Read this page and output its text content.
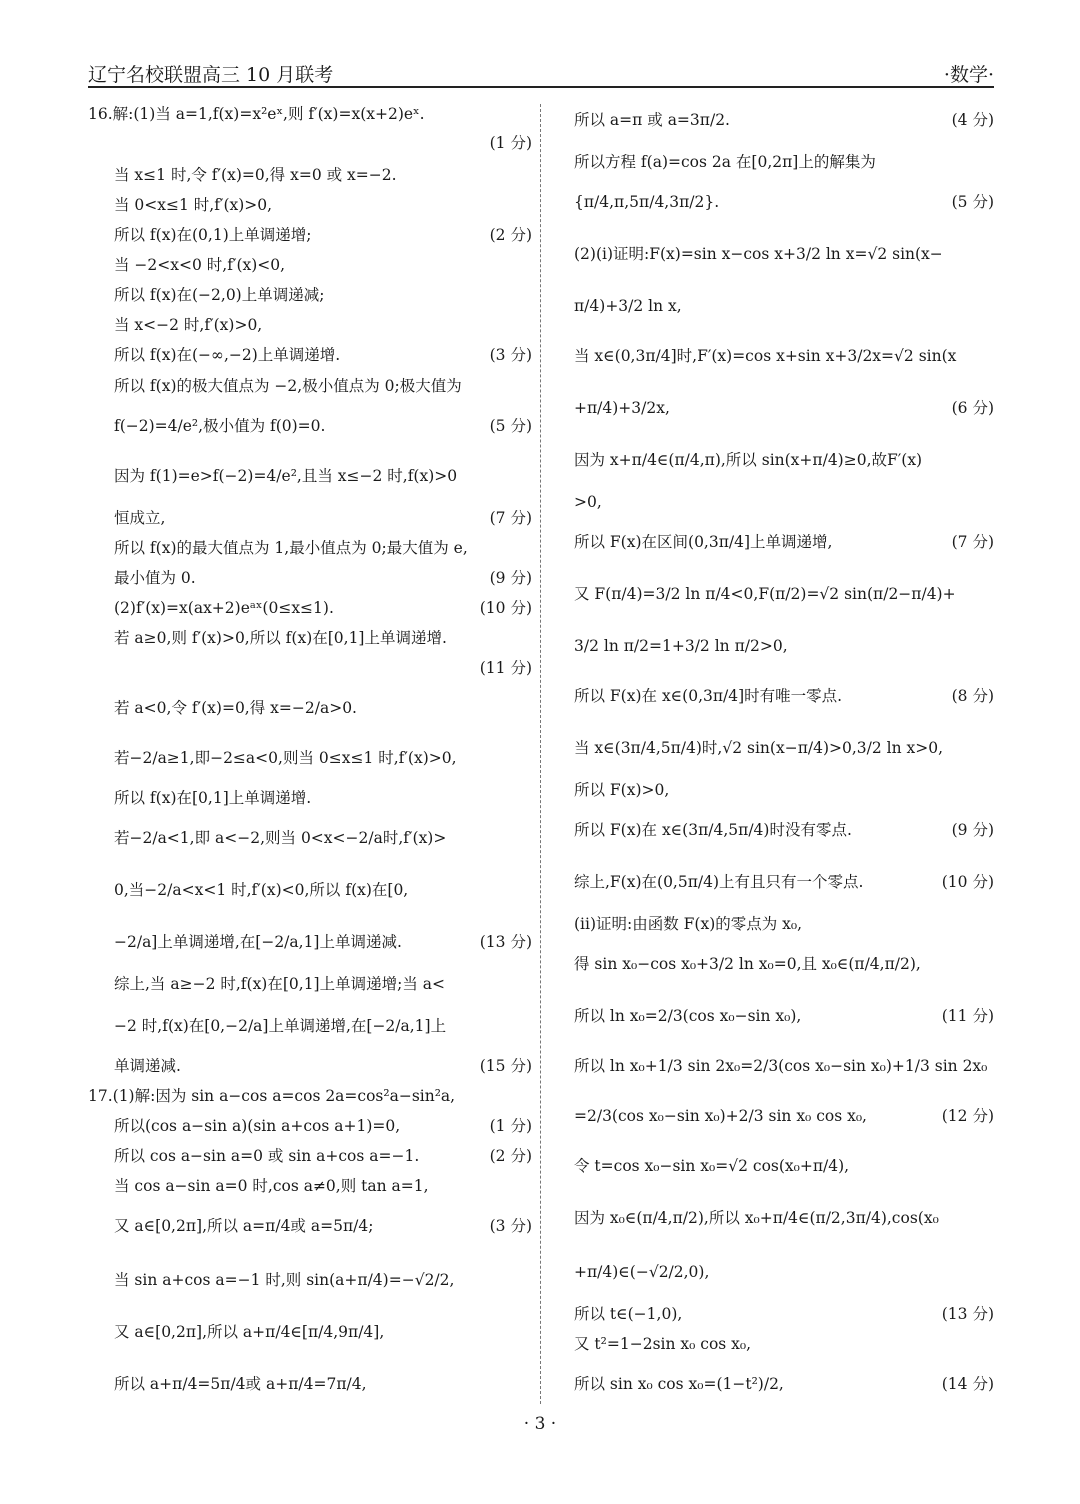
辽宁名校联盟高三 10 月联考	·数学·
16.解:(1)当 a=1,f(x)=x²eˣ,则 f′(x)=x(x+2)eˣ.
(1 分)
当 x≤1 时,令 f′(x)=0,得 x=0 或 x=−2.
当 0<x≤1 时,f′(x)>0,
所以 f(x)在(0,1)上单调递增;	(2 分)
当 −2<x<0 时,f′(x)<0,
所以 f(x)在(−2,0)上单调递减;
当 x<−2 时,f′(x)>0,
所以 f(x)在(−∞,−2)上单调递增.	(3 分)
所以 f(x)的极大值点为 −2,极小值点为 0;极大值为
f(−2)=4/e²,极小值为 f(0)=0.	(5 分)
因为 f(1)=e>f(−2)=4/e²,且当 x≤−2 时,f(x)>0
恒成立,	(7 分)
所以 f(x)的最大值点为 1,最小值点为 0;最大值为 e,
最小值为 0.	(9 分)
(2)f′(x)=x(ax+2)eᵃˣ(0≤x≤1).	(10 分)
若 a≥0,则 f′(x)>0,所以 f(x)在[0,1]上单调递增.
(11 分)
若 a<0,令 f′(x)=0,得 x=−2/a>0.
若−2/a≥1,即−2≤a<0,则当 0≤x≤1 时,f′(x)>0,
所以 f(x)在[0,1]上单调递增.
若−2/a<1,即 a<−2,则当 0<x<−2/a时,f′(x)>
0,当−2/a<x<1 时,f′(x)<0,所以 f(x)在[0,
−2/a]上单调递增,在[−2/a,1]上单调递减.	(13 分)
综上,当 a≥−2 时,f(x)在[0,1]上单调递增;当 a<
−2 时,f(x)在[0,−2/a]上单调递增,在[−2/a,1]上
单调递减.	(15 分)
17.(1)解:因为 sin a−cos a=cos 2a=cos²a−sin²a,
所以(cos a−sin a)(sin a+cos a+1)=0,	(1 分)
所以 cos a−sin a=0 或 sin a+cos a=−1.	(2 分)
当 cos a−sin a=0 时,cos a≠0,则 tan a=1,
又 a∈[0,2π],所以 a=π/4或 a=5π/4;	(3 分)
当 sin a+cos a=−1 时,则 sin(a+π/4)=−√2/2,
又 a∈[0,2π],所以 a+π/4∈[π/4,9π/4],
所以 a+π/4=5π/4或 a+π/4=7π/4,
所以 a=π 或 a=3π/2.	(4 分)
所以方程 f(a)=cos 2a 在[0,2π]上的解集为
{π/4,π,5π/4,3π/2}.	(5 分)
(2)(i)证明:F(x)=sin x−cos x+3/2 ln x=√2 sin(x−
π/4)+3/2 ln x,
当 x∈(0,3π/4]时,F′(x)=cos x+sin x+3/2x=√2 sin(x
+π/4)+3/2x,	(6 分)
因为 x+π/4∈(π/4,π),所以 sin(x+π/4)≥0,故F′(x)
>0,
所以 F(x)在区间(0,3π/4]上单调递增,	(7 分)
又 F(π/4)=3/2 ln π/4<0,F(π/2)=√2 sin(π/2−π/4)+
3/2 ln π/2=1+3/2 ln π/2>0,
所以 F(x)在 x∈(0,3π/4]时有唯一零点.	(8 分)
当 x∈(3π/4,5π/4)时,√2 sin(x−π/4)>0,3/2 ln x>0,
所以 F(x)>0,
所以 F(x)在 x∈(3π/4,5π/4)时没有零点.	(9 分)
综上,F(x)在(0,5π/4)上有且只有一个零点.	(10 分)
(ii)证明:由函数 F(x)的零点为 x₀,
得 sin x₀−cos x₀+3/2 ln x₀=0,且 x₀∈(π/4,π/2),
所以 ln x₀=2/3(cos x₀−sin x₀),	(11 分)
所以 ln x₀+1/3 sin 2x₀=2/3(cos x₀−sin x₀)+1/3 sin 2x₀
=2/3(cos x₀−sin x₀)+2/3 sin x₀ cos x₀,	(12 分)
令 t=cos x₀−sin x₀=√2 cos(x₀+π/4),
因为 x₀∈(π/4,π/2),所以 x₀+π/4∈(π/2,3π/4),cos(x₀
+π/4)∈(−√2/2,0),
所以 t∈(−1,0),	(13 分)
又 t²=1−2sin x₀ cos x₀,
所以 sin x₀ cos x₀=(1−t²)/2,	(14 分)
· 3 ·
